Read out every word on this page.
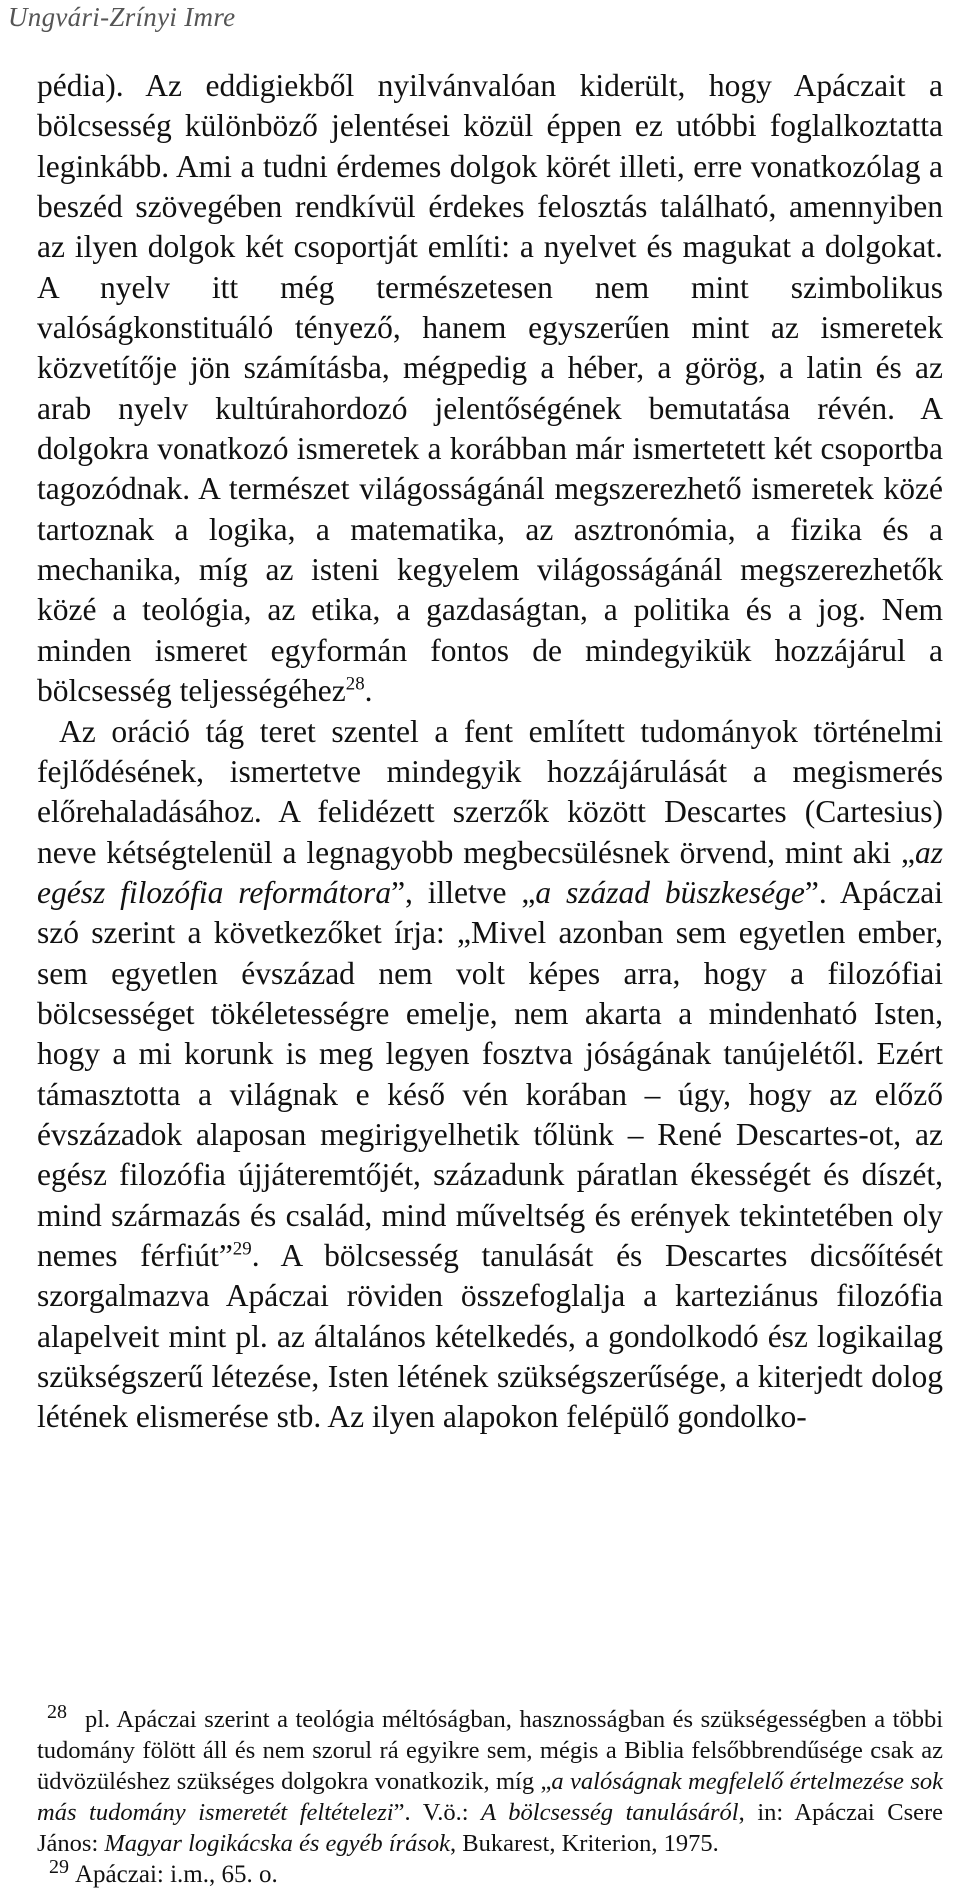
Ungvári-Zrínyi Imre

pédia). Az eddigiekből nyilvánvalóan kiderült, hogy Apáczait a bölcsesség különböző jelentései közül éppen ez utóbbi foglalkoztatta leginkább. Ami a tudni érdemes dolgok körét illeti, erre vonatkozólag a beszéd szövegében rendkívül érdekes felosztás található, amennyiben az ilyen dolgok két csoportját említi: a nyelvet és magukat a dolgokat. A nyelv itt még természetesen nem mint szimbolikus valóságkonstituáló tényező, hanem egyszerűen mint az ismeretek közvetítője jön számításba, mégpedig a héber, a görög, a latin és az arab nyelv kultúrahordozó jelentőségének bemutatása révén. A dolgokra vonatkozó ismeretek a korábban már ismertetett két csoportba tagozódnak. A természet világosságánál megszerezhető ismeretek közé tartoznak a logika, a matematika, az asztronómia, a fizika és a mechanika, míg az isteni kegyelem világosságánál megszerezhetők közé a teológia, az etika, a gazdaságtan, a politika és a jog. Nem minden ismeret egyformán fontos de mindegyikük hozzájárul a bölcsesség teljességéhez$^{28}$.

Az oráció tág teret szentel a fent említett tudományok történelmi fejlődésének, ismertetve mindegyik hozzájárulását a megismerés előrehaladásához. A felidézett szerzők között Descartes (Cartesius) neve kétségtelenül a legnagyobb megbecsülésnek örvend, mint aki „az egész filozófia reformátora”, illetve „a század büszkesége”. Apáczai szó szerint a következőket írja: „Mivel azonban sem egyetlen ember, sem egyetlen évszázad nem volt képes arra, hogy a filozófiai bölcsességet tökéletességre emelje, nem akarta a mindenható Isten, hogy a mi korunk is meg legyen fosztva jóságának tanújelétől. Ezért támasztotta a világnak e késő vén korában – úgy, hogy az előző évszázadok alaposan megirigyelhetik tőlünk – René Descartes-ot, az egész filozófia újjáteremtőjét, századunk páratlan ékességét és díszét, mind származás és család, mind műveltség és erények tekintetében oly nemes férfiút”$^{29}$. A bölcsesség tanulását és Descartes dicsőítését szorgalmazva Apáczai röviden összefoglalja a karteziánus filozófia alapelveit mint pl. az általános kételkedés, a gondolkodó ész logikailag szükségszerű létezése, Isten létének szükségszerűsége, a kiterjedt dolog létének elismerése stb. Az ilyen alapokon felépülő gondolko-

$^{28}$ pl. Apáczai szerint a teológia méltóságban, hasznosságban és szükségességben a többi tudomány fölött áll és nem szorul rá egyikre sem, mégis a Biblia felsőbbrendűsége csak az üdvözüléshez szükséges dolgokra vonatkozik, míg „a valóságnak megfelelő értelmezése sok más tudomány ismeretét feltételezi”. V.ö.: A bölcsesség tanulásáról, in: Apáczai Csere János: Magyar logikácska és egyéb írások, Bukarest, Kriterion, 1975.

$^{29}$ Apáczai: i.m., 65. o.
